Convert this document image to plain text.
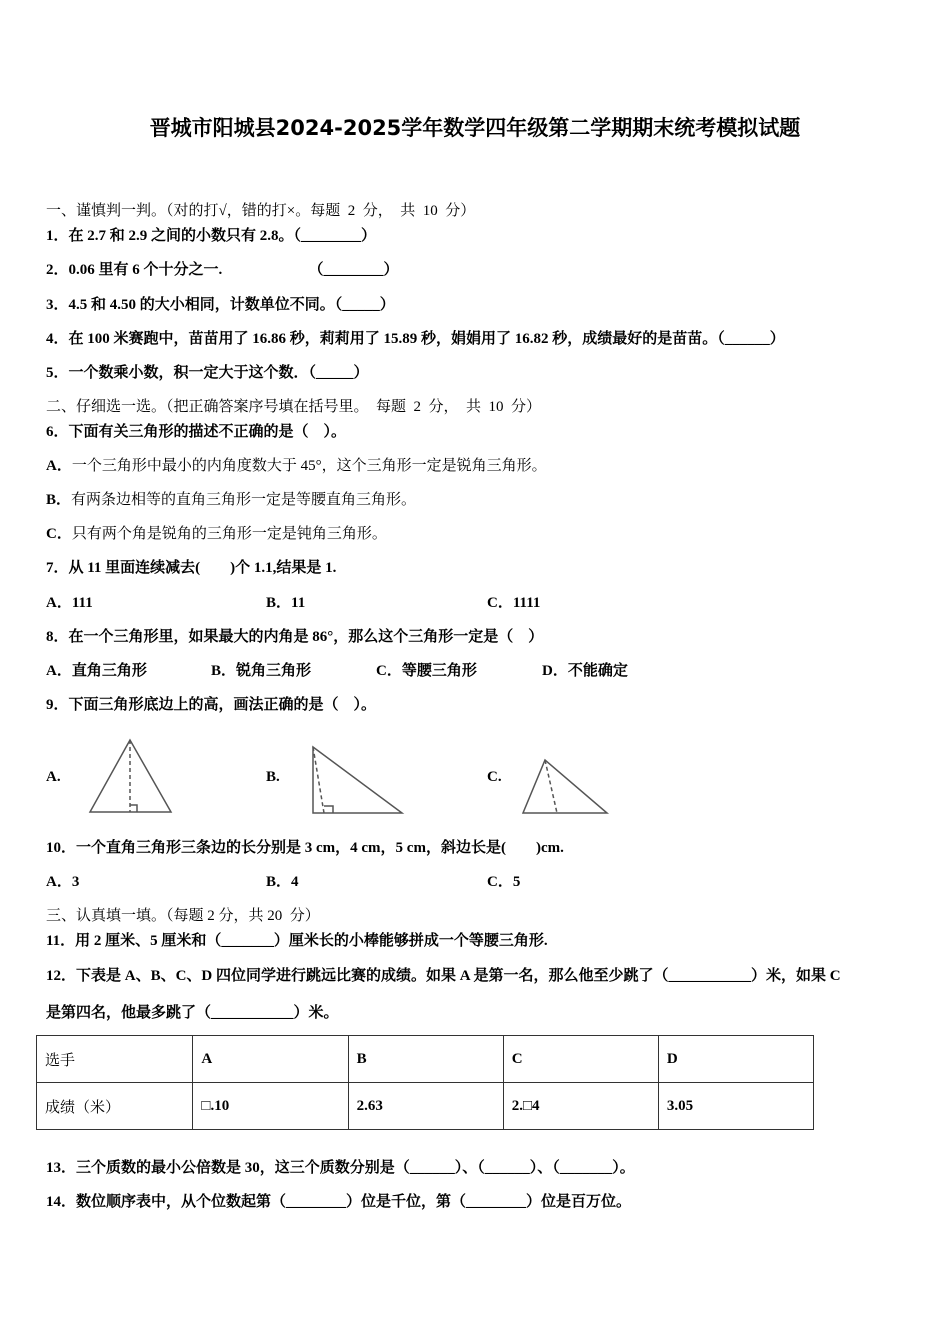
晋城市阳城县2024-2025学年数学四年级第二学期期末统考模拟试题
一、谨慎判一判。（对的打√，错的打×。每题  2  分，  共  10  分）
1．在 2.7 和 2.9 之间的小数只有 2.8。（________）
2．0.06 里有 6 个十分之一.                       （________）
3．4.5 和 4.50 的大小相同，计数单位不同。（_____）
4．在 100 米赛跑中，苗苗用了 16.86 秒，莉莉用了 15.89 秒，娟娟用了 16.82 秒，成绩最好的是苗苗。（______）
5．一个数乘小数，积一定大于这个数．（_____）
二、仔细选一选。（把正确答案序号填在括号里。  每题  2  分，  共  10  分）
6．下面有关三角形的描述不正确的是（    ）。
A．一个三角形中最小的内角度数大于 45°，这个三角形一定是锐角三角形。
B．有两条边相等的直角三角形一定是等腰直角三角形。
C．只有两个角是锐角的三角形一定是钝角三角形。
7．从 11 里面连续减去(        )个 1.1,结果是 1.
A．111	B．11	C．1111
8．在一个三角形里，如果最大的内角是 86°，那么这个三角形一定是（    ）
A．直角三角形	B．锐角三角形	C．等腰三角形	D．不能确定
9．下面三角形底边上的高，画法正确的是（    ）。
A.	B.	C.
10．一个直角三角形三条边的长分别是 3 cm，4 cm，5 cm，斜边长是(        )cm.
A．3	B．4	C．5
三、认真填一填。（每题 2 分，共 20  分）
11．用 2 厘米、5 厘米和（_______）厘米长的小棒能够拼成一个等腰三角形.
12．下表是 A、B、C、D 四位同学进行跳远比赛的成绩。如果 A 是第一名，那么他至少跳了（___________）米，如果 C
是第四名，他最多跳了（___________）米。
选手	A	B	C	D
成绩（米）	□.10	2.63	2.□4	3.05
13．三个质数的最小公倍数是 30，这三个质数分别是（______）、（______）、（_______）。
14．数位顺序表中，从个位数起第（________）位是千位，第（________）位是百万位。
